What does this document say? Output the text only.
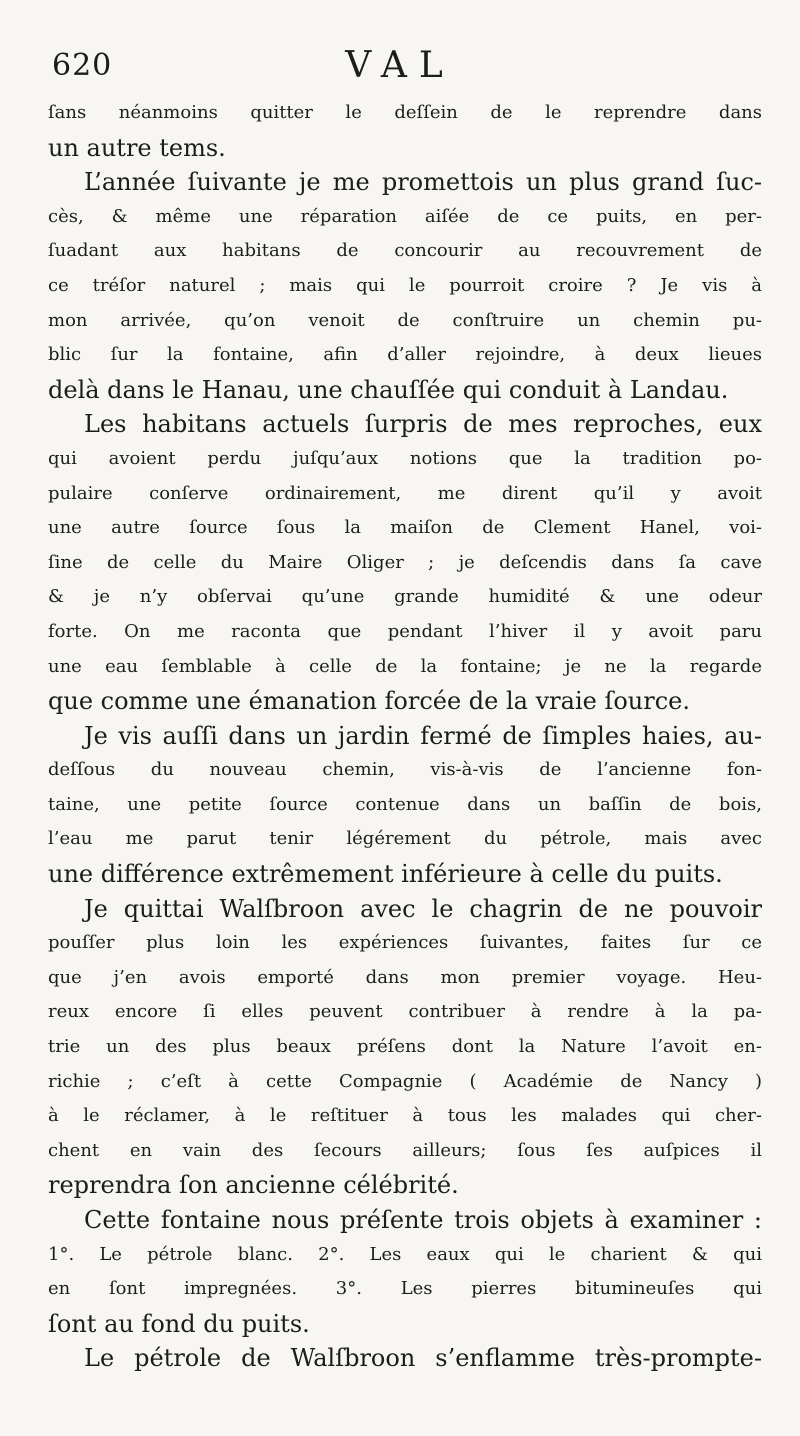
620	VAL
ſans néanmoins quitter le deſſein de le reprendre dans
un autre tems.
L’année ſuivante je me promettois un plus grand ſuc-
cès, & même une réparation aiſée de ce puits, en per-
ſuadant aux habitans de concourir au recouvrement de
ce tréſor naturel ; mais qui le pourroit croire ? Je vis à
mon arrivée, qu’on venoit de conſtruire un chemin pu-
blic ſur la fontaine, afin d’aller rejoindre, à deux lieues
delà dans le Hanau, une chauſſée qui conduit à Landau.
Les habitans actuels ſurpris de mes reproches, eux
qui avoient perdu juſqu’aux notions que la tradition po-
pulaire conſerve ordinairement, me dirent qu’il y avoit
une autre ſource ſous la maiſon de Clement Hanel, voi-
ſine de celle du Maire Oliger ; je deſcendis dans ſa cave
& je n’y obſervai qu’une grande humidité & une odeur
forte. On me raconta que pendant l’hiver il y avoit paru
une eau ſemblable à celle de la fontaine; je ne la regarde
que comme une émanation forcée de la vraie ſource.
Je vis auſſi dans un jardin fermé de ſimples haies, au-
deſſous du nouveau chemin, vis-à-vis de l’ancienne fon-
taine, une petite ſource contenue dans un baſſin de bois,
l’eau me parut tenir légérement du pétrole, mais avec
une différence extrêmement inférieure à celle du puits.
Je quittai Walſbroon avec le chagrin de ne pouvoir
pouſſer plus loin les expériences ſuivantes, faites ſur ce
que j’en avois emporté dans mon premier voyage. Heu-
reux encore ſi elles peuvent contribuer à rendre à la pa-
trie un des plus beaux préſens dont la Nature l’avoit en-
richie ; c’eſt à cette Compagnie ( Académie de Nancy )
à le réclamer, à le reſtituer à tous les malades qui cher-
chent en vain des ſecours ailleurs; ſous ſes auſpices il
reprendra ſon ancienne célébrité.
Cette fontaine nous préſente trois objets à examiner :
1°. Le pétrole blanc. 2°. Les eaux qui le charient & qui
en ſont impregnées. 3°. Les pierres bitumineuſes qui
ſont au fond du puits.
Le pétrole de Walſbroon s’enflamme très-prompte-
